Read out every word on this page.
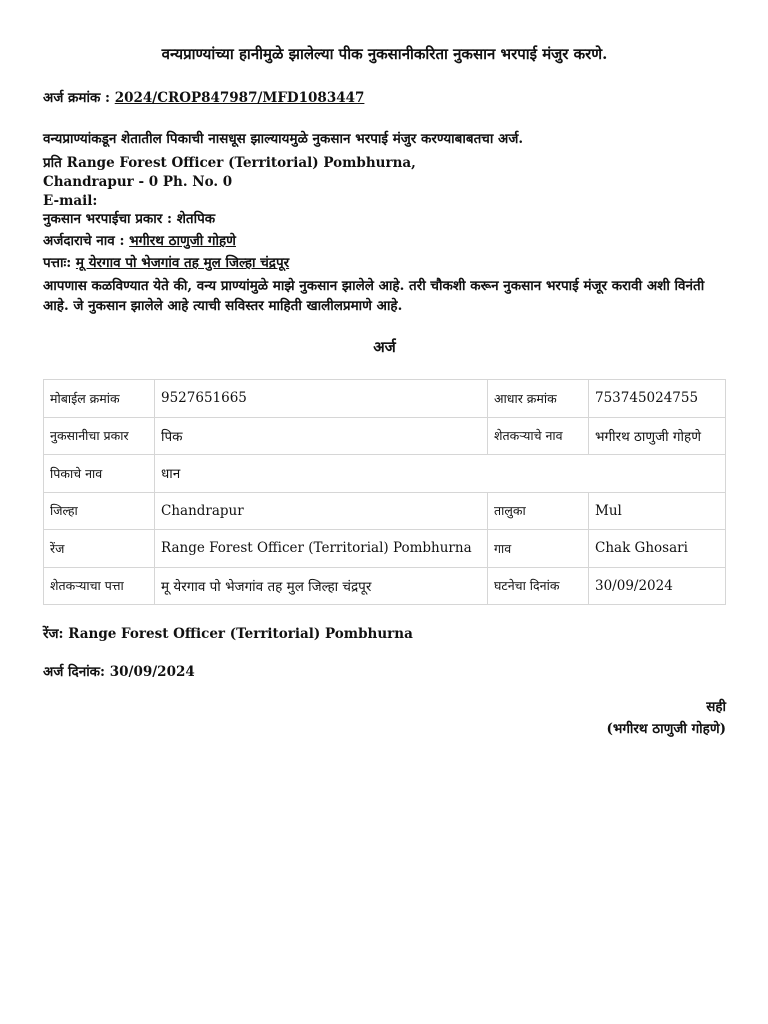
वन्यप्राण्यांच्या हानीमुळे झालेल्या पीक नुकसानीकरिता नुकसान भरपाई मंजुर करणे.
अर्ज क्रमांक : 2024/CROP847987/MFD1083447
वन्यप्राण्यांकडून शेतातील पिकाची नासधूस झाल्यायमुळे नुकसान भरपाई मंजुर करण्याबाबतचा अर्ज.
प्रति Range Forest Officer (Territorial) Pombhurna,
Chandrapur - 0 Ph. No. 0
E-mail:
नुकसान भरपाईचा प्रकार : शेतपिक
अर्जदाराचे नाव : भगीरथ ठाणुजी गोहणे
पत्ताः: मू येरगाव पो भेजगांव तह मुल जिल्हा चंद्रपूर
आपणास कळविण्यात येते की, वन्य प्राण्यांमुळे माझे नुकसान झालेले आहे. तरी चौकशी करून नुकसान भरपाई मंजूर करावी अशी विनंती आहे. जे नुकसान झालेले आहे त्याची सविस्तर माहिती खालीलप्रमाणे आहे.
अर्ज
मोबाईल क्रमांक	9527651665	आधार क्रमांक	753745024755
नुकसानीचा प्रकार	पिक	शेतकऱ्याचे नाव	भगीरथ ठाणुजी गोहणे
पिकाचे नाव	धान		
जिल्हा	Chandrapur	तालुका	Mul
रेंज	Range Forest Officer (Territorial) Pombhurna	गाव	Chak Ghosari
शेतकऱ्याचा पत्ता	मू येरगाव पो भेजगांव तह मुल जिल्हा चंद्रपूर	घटनेचा दिनांक	30/09/2024
रेंज: Range Forest Officer (Territorial) Pombhurna
अर्ज दिनांक: 30/09/2024
सही
(भगीरथ ठाणुजी गोहणे)
